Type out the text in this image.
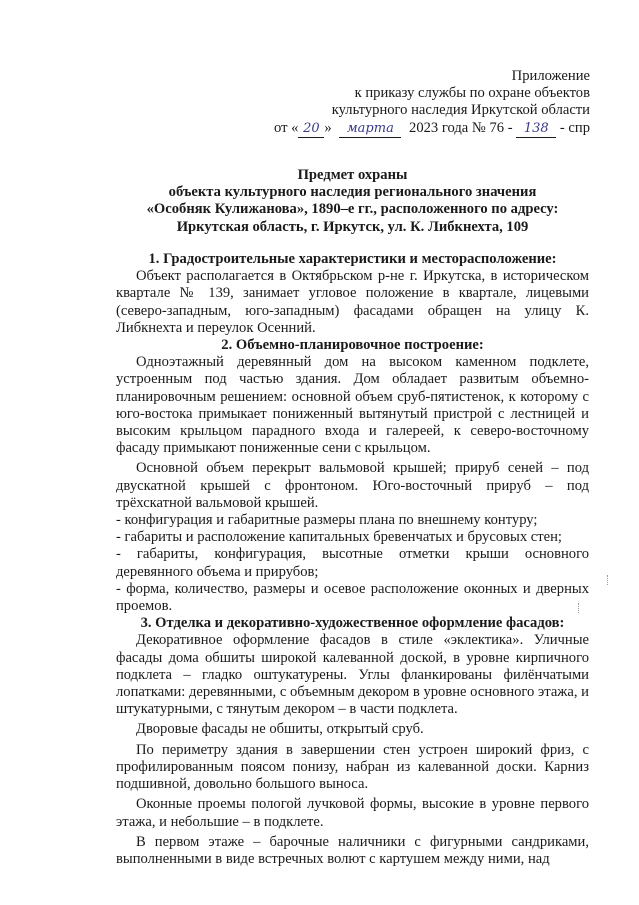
Приложение
к приказу службы по охране объектов
культурного наследия Иркутской области
от « 20 » марта 2023 года № 76 - 138 - спр
Предмет охраны
объекта культурного наследия регионального значения
«Особняк Кулижанова», 1890–е гг., расположенного по адресу:
Иркутская область, г. Иркутск, ул. К. Либкнехта, 109
1. Градостроительные характеристики и месторасположение:

Объект располагается в Октябрьском р-не г. Иркутска, в историческом квартале № 139, занимает угловое положение в квартале, лицевыми (северо-западным, юго-западным) фасадами обращен на улицу К. Либкнехта и переулок Осенний.

2. Объемно-планировочное построение:

Одноэтажный деревянный дом на высоком каменном подклете, устроенным под частью здания. Дом обладает развитым объемно-планировочным решением: основной объем сруб-пятистенок, к которому с юго-востока примыкает пониженный вытянутый пристрой с лестницей и высоким крыльцом парадного входа и галереей, к северо-восточному фасаду примыкают пониженные сени с крыльцом.

Основной объем перекрыт вальмовой крышей; прируб сеней – под двускатной крышей с фронтоном. Юго-восточный прируб – под трёхскатной вальмовой крышей.

- конфигурация и габаритные размеры плана по внешнему контуру;

- габариты и расположение капитальных бревенчатых и брусовых стен;

- габариты, конфигурация, высотные отметки крыши основного деревянного объема и прирубов;

- форма, количество, размеры и осевое расположение оконных и дверных проемов.

3. Отделка и декоративно-художественное оформление фасадов:

Декоративное оформление фасадов в стиле «эклектика». Уличные фасады дома обшиты широкой калеванной доской, в уровне кирпичного подклета – гладко оштукатурены. Углы фланкированы филёнчатыми лопатками: деревянными, с объемным декором в уровне основного этажа, и штукатурными, с тянутым декором – в части подклета.

Дворовые фасады не обшиты, открытый сруб.

По периметру здания в завершении стен устроен широкий фриз, с профилированным поясом понизу, набран из калеванной доски. Карниз подшивной, довольно большого выноса.

Оконные проемы пологой лучковой формы, высокие в уровне первого этажа, и небольшие – в подклете.

В первом этаже – барочные наличники с фигурными сандриками, выполненными в виде встречных волют с картушем между ними, над
